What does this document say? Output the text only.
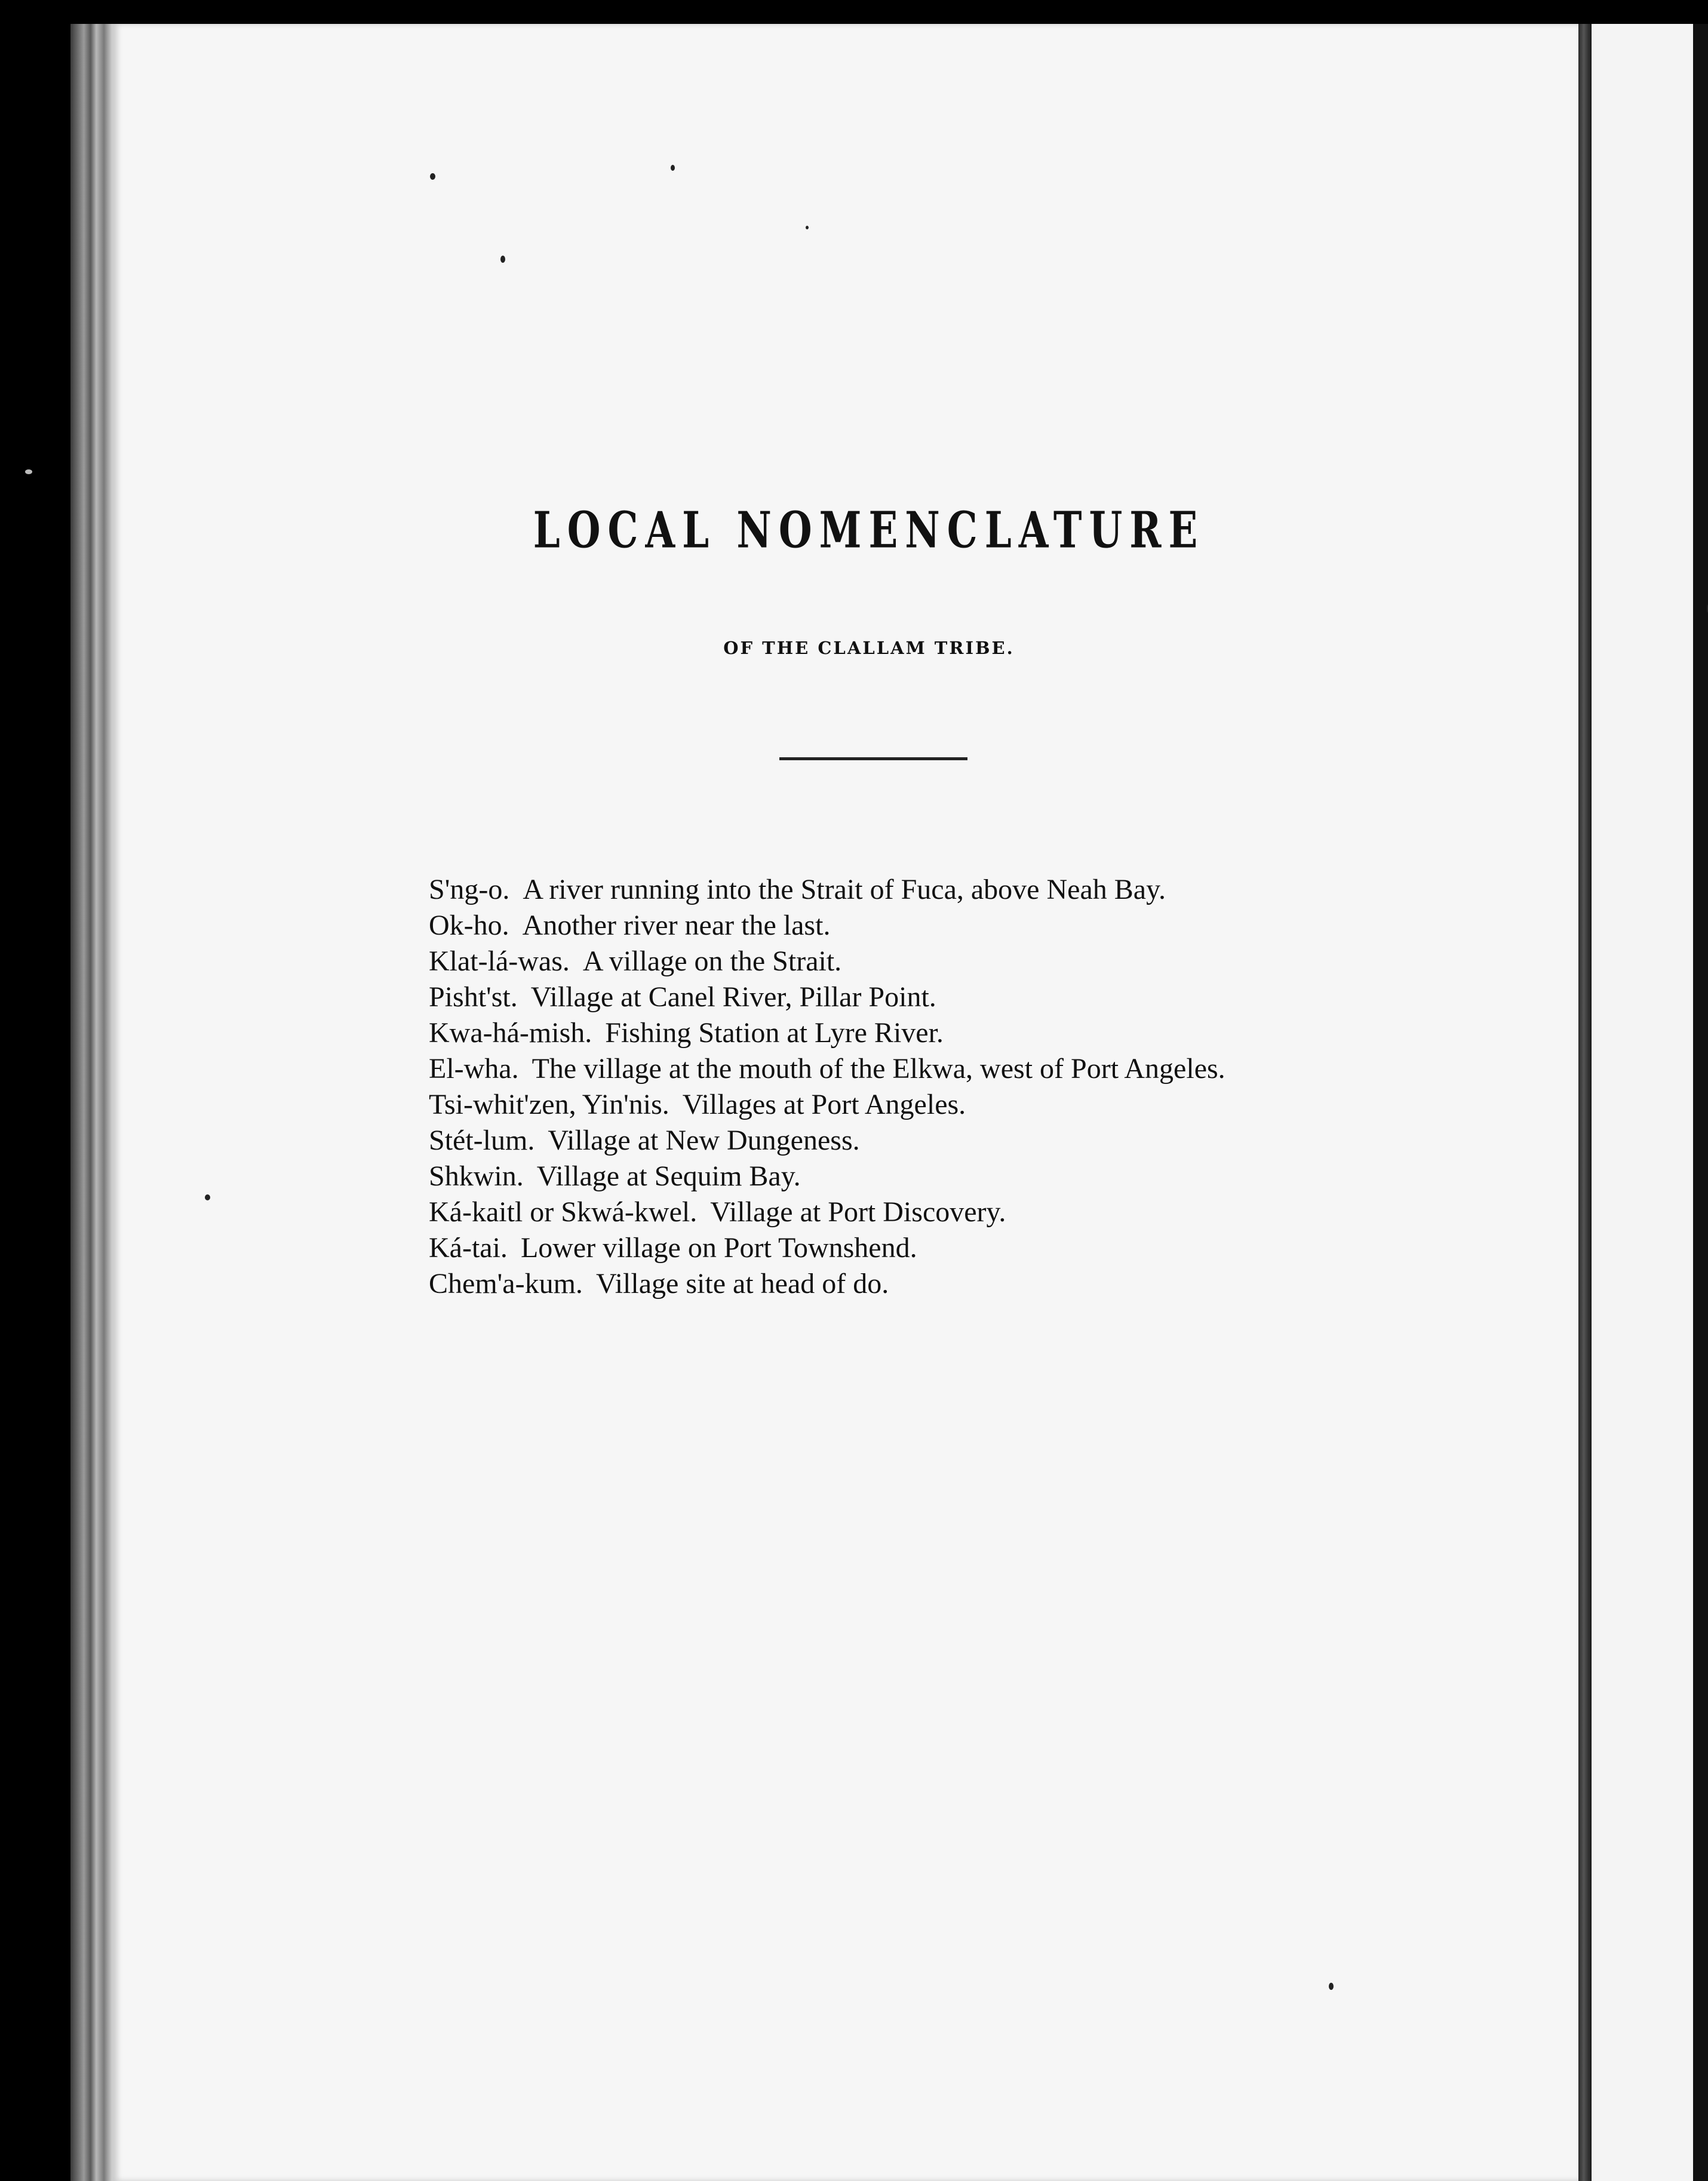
LOCAL NOMENCLATURE
OF THE CLALLAM TRIBE.
S'ng-o. A river running into the Strait of Fuca, above Neah Bay.
Ok-ho. Another river near the last.
Klat-lá-was. A village on the Strait.
Pisht'st. Village at Canel River, Pillar Point.
Kwa-há-mish. Fishing Station at Lyre River.
El-wha. The village at the mouth of the Elkwa, west of Port Angeles.
Tsi-whit'zen, Yin'nis. Villages at Port Angeles.
Stét-lum. Village at New Dungeness.
Shkwin. Village at Sequim Bay.
Ká-kaitl or Skwá-kwel. Village at Port Discovery.
Ká-tai. Lower village on Port Townshend.
Chem'a-kum. Village site at head of do.
